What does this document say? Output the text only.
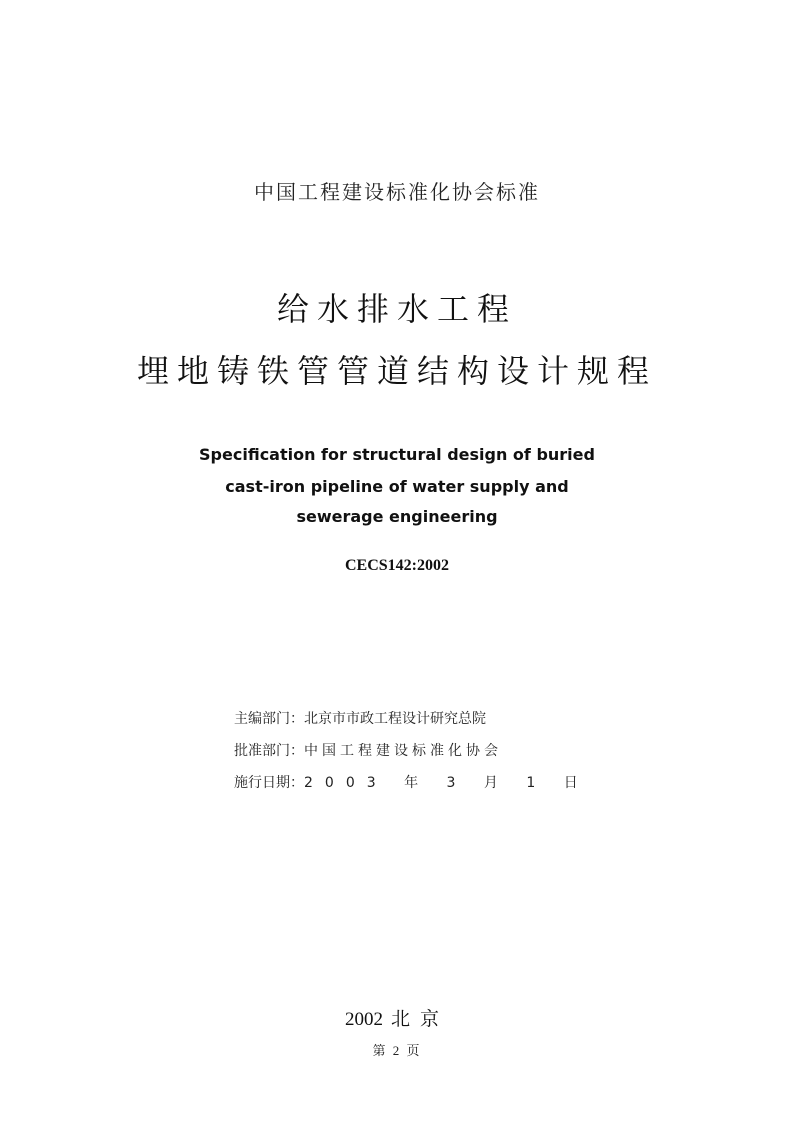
中国工程建设标准化协会标准
给水排水工程
埋地铸铁管管道结构设计规程
Specification for structural design of buried
cast-iron pipeline of water supply and
sewerage engineering
CECS142:2002
主编部门：北京市市政工程设计研究总院
批准部门：中国工程建设标准化协会
施行日期：2003 年 3 月 1 日
2002 北京
第 2 页
